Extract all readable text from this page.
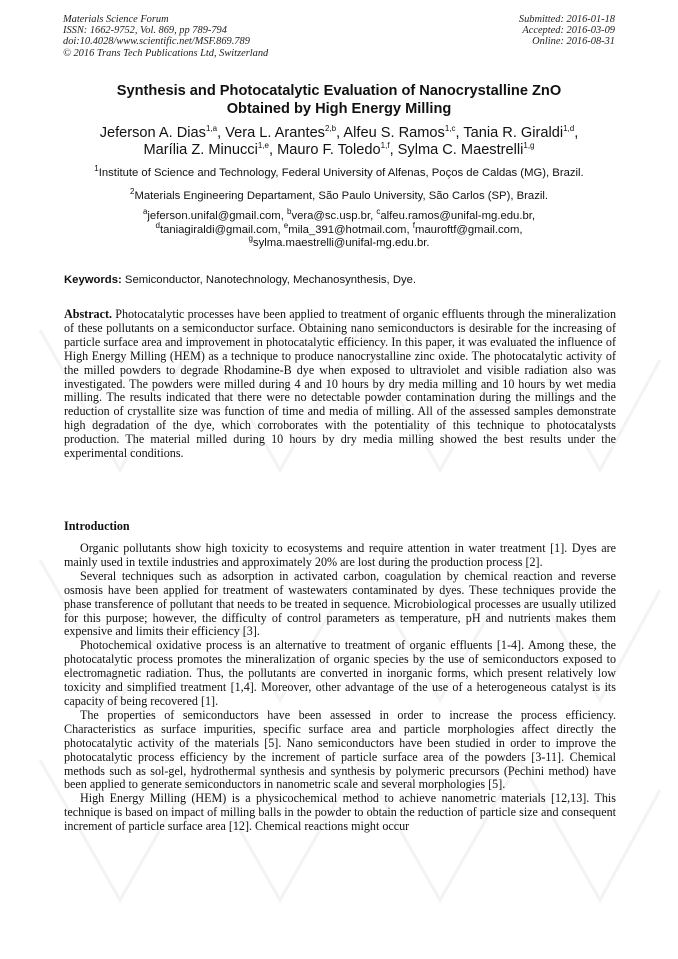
Materials Science Forum
ISSN: 1662-9752, Vol. 869, pp 789-794
doi:10.4028/www.scientific.net/MSF.869.789
© 2016 Trans Tech Publications Ltd, Switzerland
Submitted: 2016-01-18
Accepted: 2016-03-09
Online: 2016-08-31
Synthesis and Photocatalytic Evaluation of Nanocrystalline ZnO
Obtained by High Energy Milling
Jeferson A. Dias$^{1,a}$, Vera L. Arantes$^{2,b}$, Alfeu S. Ramos$^{1,c}$, Tania R. Giraldi$^{1,d}$,
Marília Z. Minucci$^{1,e}$, Mauro F. Toledo$^{1,f}$, Sylma C. Maestrelli$^{1,g}$
$^1$Institute of Science and Technology, Federal University of Alfenas, Poços de Caldas (MG), Brazil.
$^2$Materials Engineering Departament, São Paulo University, São Carlos (SP), Brazil.
$^a$jeferson.unifal@gmail.com, $^b$vera@sc.usp.br, $^c$alfeu.ramos@unifal-mg.edu.br,
$^d$taniagiraldi@gmail.com, $^e$mila_391@hotmail.com, $^f$mauroftf@gmail.com,
$^g$sylma.maestrelli@unifal-mg.edu.br.
Keywords: Semiconductor, Nanotechnology, Mechanosynthesis, Dye.

Abstract. Photocatalytic processes have been applied to treatment of organic effluents through the mineralization of these pollutants on a semiconductor surface. Obtaining nano semiconductors is desirable for the increasing of particle surface area and improvement in photocatalytic efficiency. In this paper, it was evaluated the influence of High Energy Milling (HEM) as a technique to produce nanocrystalline zinc oxide. The photocatalytic activity of the milled powders to degrade Rhodamine-B dye when exposed to ultraviolet and visible radiation also was investigated. The powders were milled during 4 and 10 hours by dry media milling and 10 hours by wet media milling. The results indicated that there were no detectable powder contamination during the millings and the reduction of crystallite size was function of time and media of milling. All of the assessed samples demonstrate high degradation of the dye, which corroborates with the potentiality of this technique to photocatalysts production. The material milled during 10 hours by dry media milling showed the best results under the experimental conditions.

Introduction

Organic pollutants show high toxicity to ecosystems and require attention in water treatment [1]. Dyes are mainly used in textile industries and approximately 20% are lost during the production process [2].

Several techniques such as adsorption in activated carbon, coagulation by chemical reaction and reverse osmosis have been applied for treatment of wastewaters contaminated by dyes. These techniques provide the phase transference of pollutant that needs to be treated in sequence. Microbiological processes are usually utilized for this purpose; however, the difficulty of control parameters as temperature, pH and nutrients makes them expensive and limits their efficiency [3].

Photochemical oxidative process is an alternative to treatment of organic effluents [1-4]. Among these, the photocatalytic process promotes the mineralization of organic species by the use of semiconductors exposed to electromagnetic radiation. Thus, the pollutants are converted in inorganic forms, which present relatively low toxicity and simplified treatment [1,4]. Moreover, other advantage of the use of a heterogeneous catalyst is its capacity of being recovered [1].

The properties of semiconductors have been assessed in order to increase the process efficiency. Characteristics as surface impurities, specific surface area and particle morphologies affect directly the photocatalytic activity of the materials [5]. Nano semiconductors have been studied in order to improve the photocatalytic process efficiency by the increment of particle surface area of the powders [3-11]. Chemical methods such as sol-gel, hydrothermal synthesis and synthesis by polymeric precursors (Pechini method) have been applied to generate semiconductors in nanometric scale and several morphologies [5].

High Energy Milling (HEM) is a physicochemical method to achieve nanometric materials [12,13]. This technique is based on impact of milling balls in the powder to obtain the reduction of particle size and consequent increment of particle surface area [12]. Chemical reactions might occur
